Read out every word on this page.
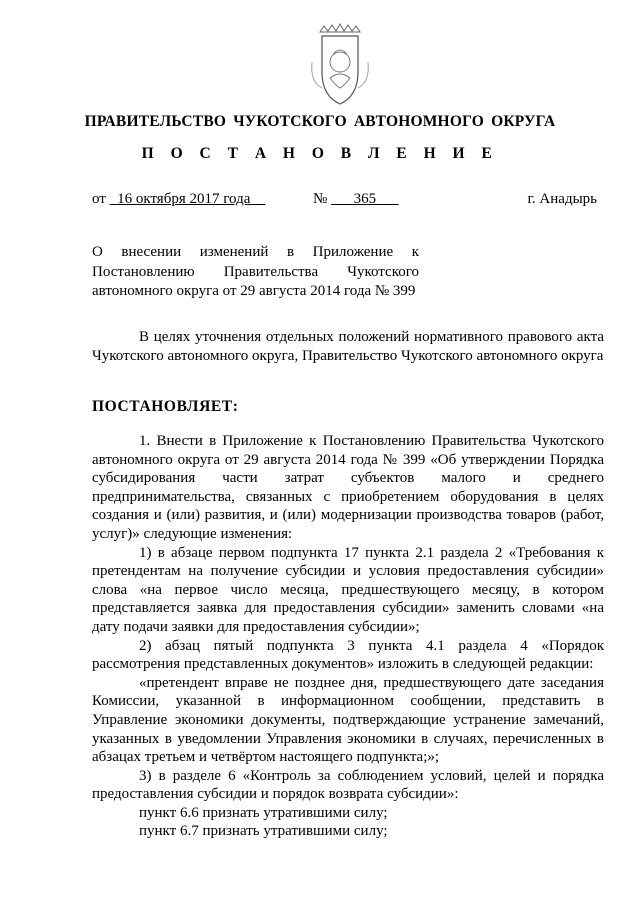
ПРАВИТЕЛЬСТВО ЧУКОТСКОГО АВТОНОМНОГО ОКРУГА
П О С Т А Н О В Л Е Н И Е
от 16 октября 2017 года	№ 365	г. Анадырь
О внесении изменений в Приложение к
Постановлению Правительства Чукотского
автономного округа от 29 августа 2014 года № 399

В целях уточнения отдельных положений нормативного правового акта Чукотского автономного округа, Правительство Чукотского автономного округа

ПОСТАНОВЛЯЕТ:

1. Внести в Приложение к Постановлению Правительства Чукотского автономного округа от 29 августа 2014 года № 399 «Об утверждении Порядка субсидирования части затрат субъектов малого и среднего предпринимательства, связанных с приобретением оборудования в целях создания и (или) развития, и (или) модернизации производства товаров (работ, услуг)» следующие изменения:

1) в абзаце первом подпункта 17 пункта 2.1 раздела 2 «Требования к претендентам на получение субсидии и условия предоставления субсидии» слова «на первое число месяца, предшествующего месяцу, в котором представляется заявка для предоставления субсидии» заменить словами «на дату подачи заявки для предоставления субсидии»;

2) абзац пятый подпункта 3 пункта 4.1 раздела 4 «Порядок рассмотрения представленных документов» изложить в следующей редакции:

«претендент вправе не позднее дня, предшествующего дате заседания Комиссии, указанной в информационном сообщении, представить в Управление экономики документы, подтверждающие устранение замечаний, указанных в уведомлении Управления экономики в случаях, перечисленных в абзацах третьем и четвёртом настоящего подпункта;»;

3) в разделе 6 «Контроль за соблюдением условий, целей и порядка предоставления субсидии и порядок возврата субсидии»:

пункт 6.6 признать утратившими силу;

пункт 6.7 признать утратившими силу;
